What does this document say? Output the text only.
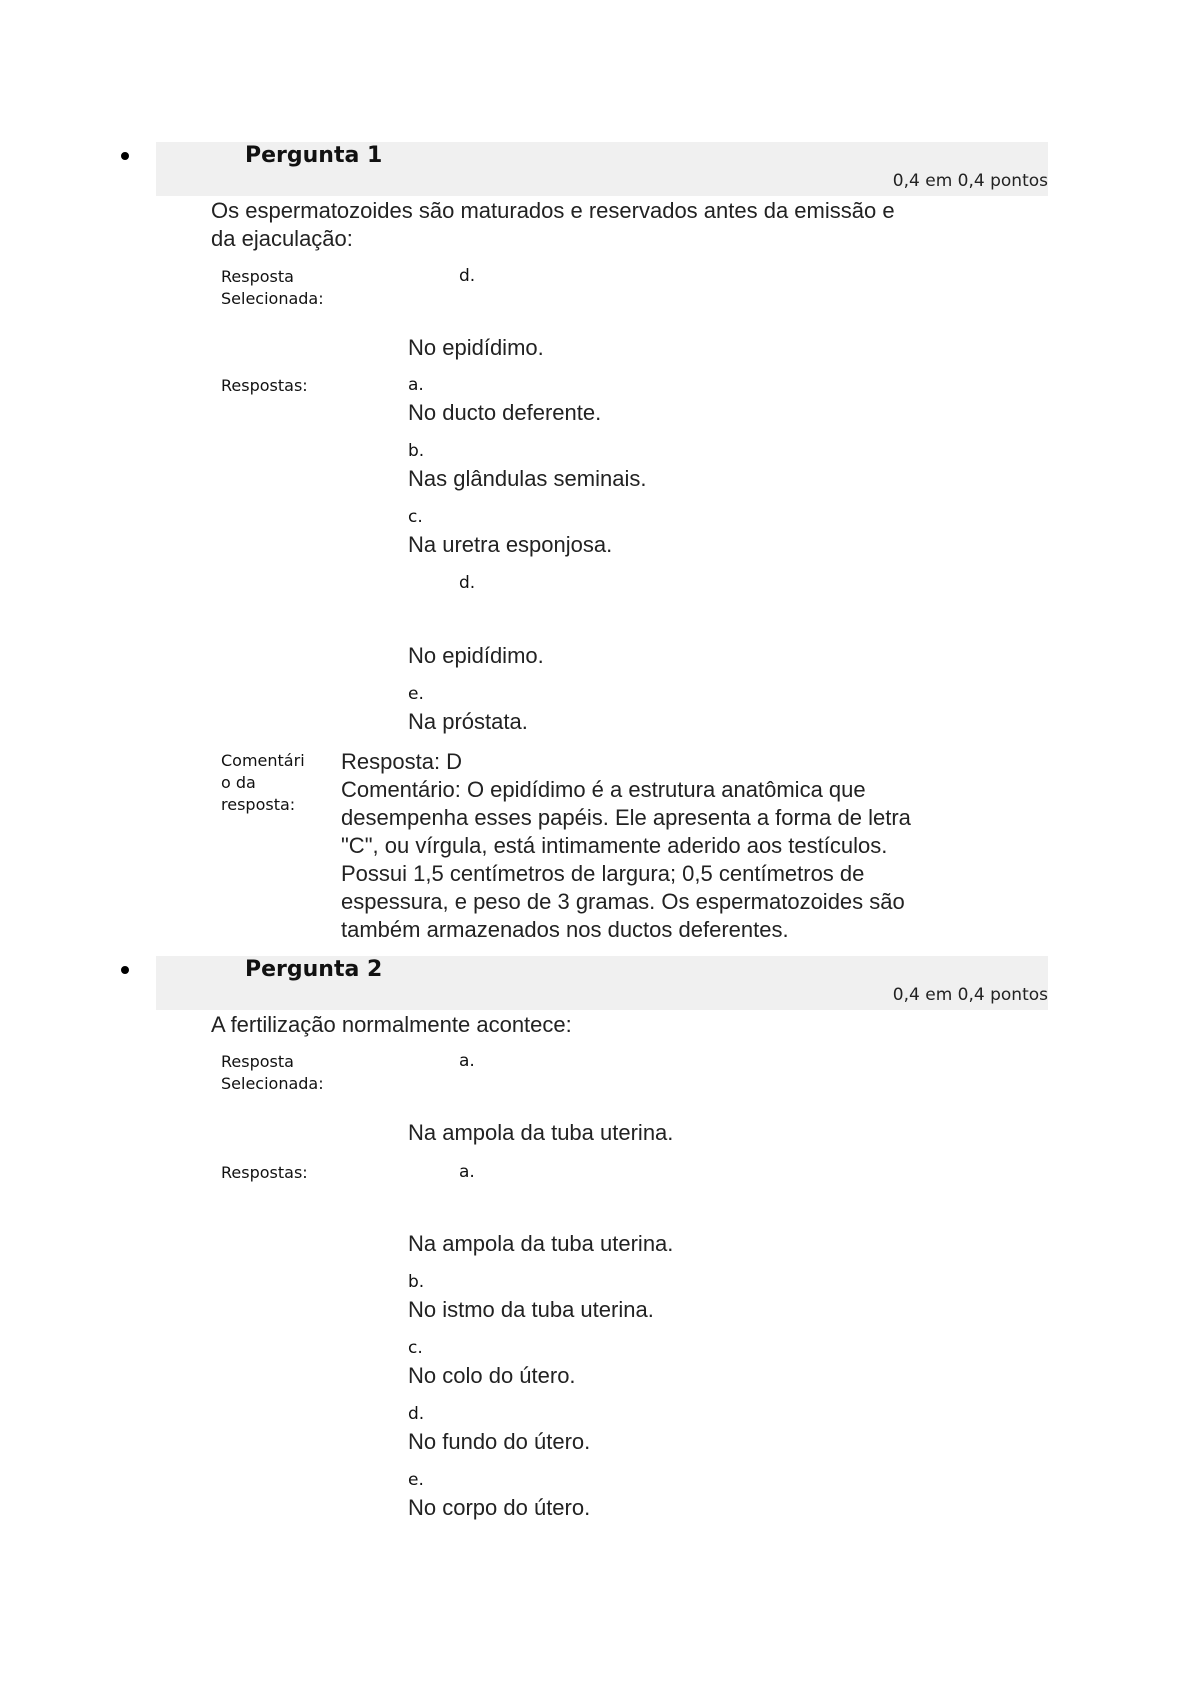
Pergunta 1
0,4 em 0,4 pontos
Os espermatozoides são maturados e reservados antes da emissão e
da ejaculação:
Resposta
Selecionada:
d.
No epidídimo.
Respostas:	a.
No ducto deferente.
b.
Nas glândulas seminais.
c.
Na uretra esponjosa.
d.
No epidídimo.
e.
Na próstata.
Comentári
o da
resposta:
Resposta: D
Comentário: O epidídimo é a estrutura anatômica que
desempenha esses papéis. Ele apresenta a forma de letra
"C", ou vírgula, está intimamente aderido aos testículos.
Possui 1,5 centímetros de largura; 0,5 centímetros de
espessura, e peso de 3 gramas. Os espermatozoides são
também armazenados nos ductos deferentes.
Pergunta 2
0,4 em 0,4 pontos
A fertilização normalmente acontece:
Resposta
Selecionada:
a.
Na ampola da tuba uterina.
Respostas:	a.
Na ampola da tuba uterina.
b.
No istmo da tuba uterina.
c.
No colo do útero.
d.
No fundo do útero.
e.
No corpo do útero.
